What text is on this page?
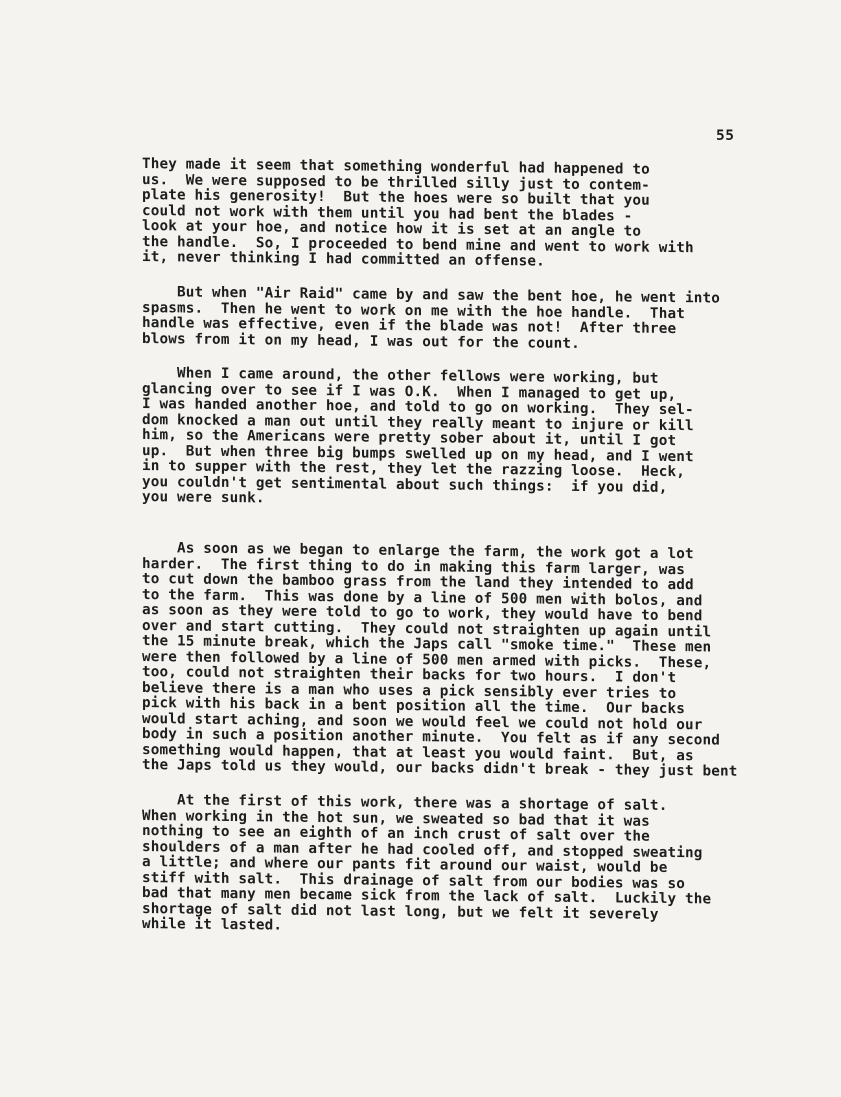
55

They made it seem that something wonderful had happened to
us.  We were supposed to be thrilled silly just to contem-
plate his generosity!  But the hoes were so built that you
could not work with them until you had bent the blades -
look at your hoe, and notice how it is set at an angle to
the handle.  So, I proceeded to bend mine and went to work with
it, never thinking I had committed an offense.

But when "Air Raid" came by and saw the bent hoe, he went into
spasms.  Then he went to work on me with the hoe handle.  That
handle was effective, even if the blade was not!  After three
blows from it on my head, I was out for the count.

When I came around, the other fellows were working, but
glancing over to see if I was O.K.  When I managed to get up,
I was handed another hoe, and told to go on working.  They sel-
dom knocked a man out until they really meant to injure or kill
him, so the Americans were pretty sober about it, until I got
up.  But when three big bumps swelled up on my head, and I went
in to supper with the rest, they let the razzing loose.  Heck,
you couldn't get sentimental about such things:  if you did,
you were sunk.

As soon as we began to enlarge the farm, the work got a lot
harder.  The first thing to do in making this farm larger, was
to cut down the bamboo grass from the land they intended to add
to the farm.  This was done by a line of 500 men with bolos, and
as soon as they were told to go to work, they would have to bend
over and start cutting.  They could not straighten up again until
the 15 minute break, which the Japs call "smoke time."  These men
were then followed by a line of 500 men armed with picks.  These,
too, could not straighten their backs for two hours.  I don't
believe there is a man who uses a pick sensibly ever tries to
pick with his back in a bent position all the time.  Our backs
would start aching, and soon we would feel we could not hold our
body in such a position another minute.  You felt as if any second
something would happen, that at least you would faint.  But, as
the Japs told us they would, our backs didn't break - they just bent

At the first of this work, there was a shortage of salt.
When working in the hot sun, we sweated so bad that it was
nothing to see an eighth of an inch crust of salt over the
shoulders of a man after he had cooled off, and stopped sweating
a little; and where our pants fit around our waist, would be
stiff with salt.  This drainage of salt from our bodies was so
bad that many men became sick from the lack of salt.  Luckily the
shortage of salt did not last long, but we felt it severely
while it lasted.
